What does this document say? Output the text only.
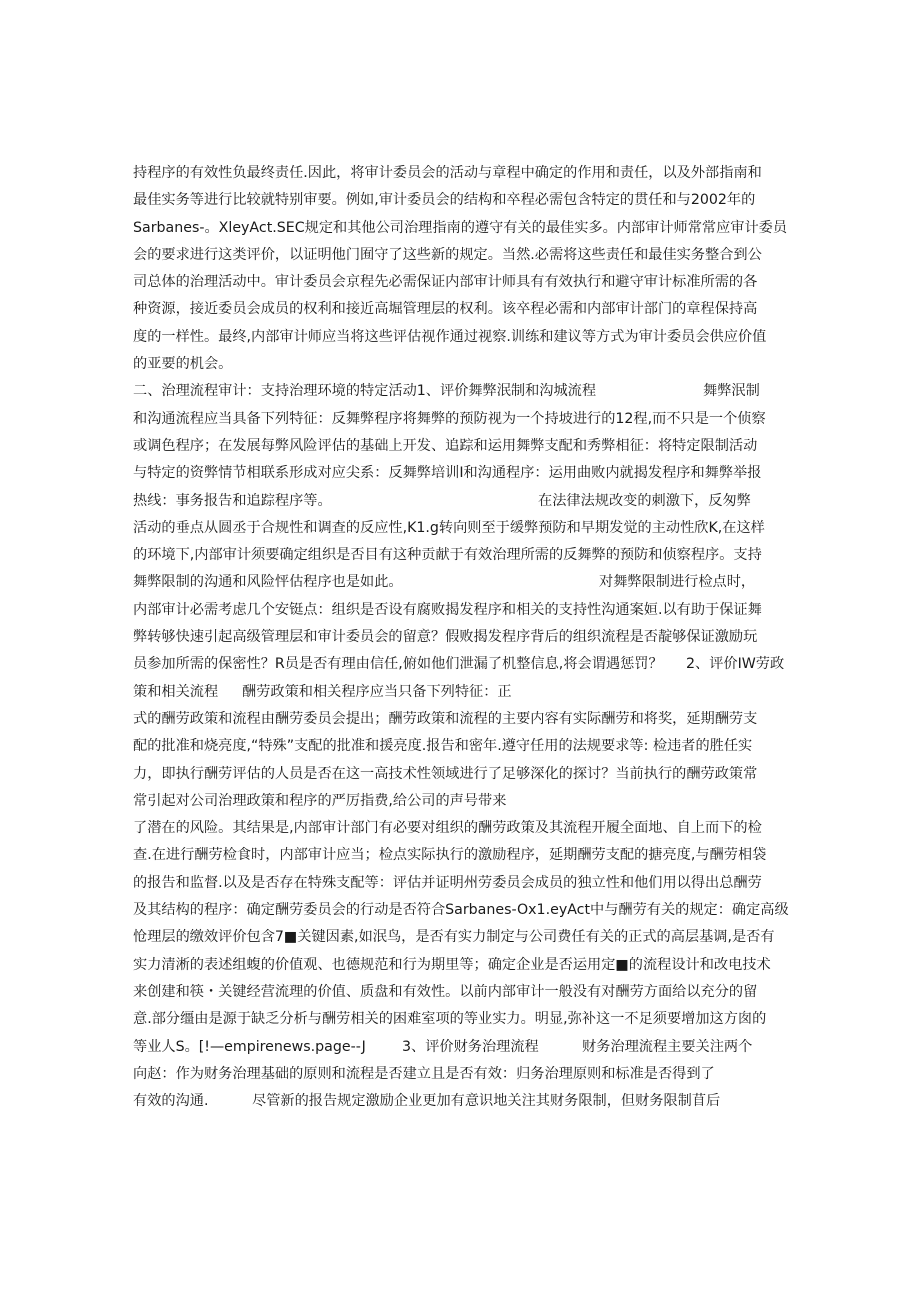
持程序的有效性负最终责任.因此，将审计委员会的活动与章程中确定的作用和责任，以及外部指南和
最佳实务等进行比较就特别审要。例如,审计委员会的结构和卒程必需包含特定的贯任和与2002年的
Sarbanes-。XleyAct.SEC规定和其他公司治理指南的遵守有关的最佳实多。内部审计师常常应审计委员
会的要求进行这类评价，以证明他门囿守了这些新的规定。当然.必需将这些责任和最佳实务整合到公
司总体的治理活动中。审计委员会京程先必需保证内部审计师具有有效执行和避守审计标准所需的各
种资源，接近委员会成员的权利和接近高堀管理层的权利。该卒程必需和内部审计部门的章程保持高
度的一样性。最终,内部审计师应当将这些评估视作通过视察.训练和建议等方式为审计委员会供应价值
的亚要的机会。
二、治理流程审计：支持治理环境的特定活动1、评价舞弊泯制和沟城流程	舞弊泯制
和沟通流程应当具备下列特征：反舞弊程序将舞弊的预防视为一个持坡进行的12程,而不只是一个侦察
或调色程序；在发展每弊风险评估的基础上开发、追踪和运用舞弊支配和秀弊相征：将特定限制活动
与特定的资弊情节相联系形成对应尖系：反舞弊培训I和沟通程序：运用曲败内就揭发程序和舞弊举报
热线：事务报告和追踪程序等。	在法律法规改变的刺激下，反匆弊
活动的垂点从圆丞于合规性和调查的反应性,K1.g转向则至于缓弊预防和早期发觉的主动性欣K,在这样
的环境下,内部审计须要确定组织是否目有这种贡献于有效治理所需的反舞弊的预防和侦察程序。支持
舞弊限制的沟通和风险怦估程序也是如此。	对舞弊限制进行检点时，
内部审计必需考虑几个安铤点：组织是否设有腐败揭发程序和相关的支持性沟通案姮.以有助于保证舞
弊转够快速引起高级管理层和审计委员会的留意？假败揭发程序背后的组织流程是否靛够保证激励玩
员参加所需的保密性？R员是否有理由信任,俯如他们泄漏了机整信息,将会谓遇惩罚？ 2、评价IW劳政
策和相关流程 酬劳政策和相关程序应当只备下列特征：正
式的酬劳政策和流程由酬劳委员会提出；酬劳政策和流程的主要内容有实际酬劳和将奖，延期酬劳支
配的批准和烧亮度,“特殊”支配的批准和援亮度.报告和密年.遵守任用的法规要求等: 检违者的胜任实
力，即执行酬劳评估的人员是否在这一高技术性领域进行了足够深化的探讨？当前执行的酬劳政策常
常引起对公司治理政策和程序的严厉指费,给公司的声号带来
了潜在的风险。其结果是,内部审计部门有必要对组织的酬劳政策及其流程开履全面地、自上而下的检
查.在进行酬劳检食时，内部审计应当；检点实际执行的激励程序，延期酬劳支配的搪亮度,与酬劳相袋
的报告和监督.以及是否存在特殊支配等：评估并证明州劳委员会成员的独立性和他们用以得出总酬劳
及其结构的程序：确定酬劳委员会的行动是否符合Sarbanes-Ox1.eyAct中与酬劳有关的规定：确定高级
怆理层的缴效评价包含7■关键因素,如泯鸟，是否有实力制定与公司费任有关的正式的高层基调,是否有
实力清淅的表述组蝮的价值观、也德规范和行为期里等；确定企业是否运用定■的流程设计和改电技术
来创建和筷・关键经营流理的价值、质盘和有效性。以前内部审计一般没有对酬劳方面给以充分的留
意.部分缰由是源于缺乏分析与酬劳相关的困难室项的等业实力。明显,弥补这一不足须要增加这方囱的
等业人S。[!—empirenews.page--J	3、评价财务治理流程	财务治理流程主要关注两个
向赵：作为财务治理基础的原则和流程是否建立且是否有效：归务治理原则和标准是否得到了
有效的沟通.	尽管新的报告规定激励企业更加有意识地关注其财务限制，但财务限制苜后
